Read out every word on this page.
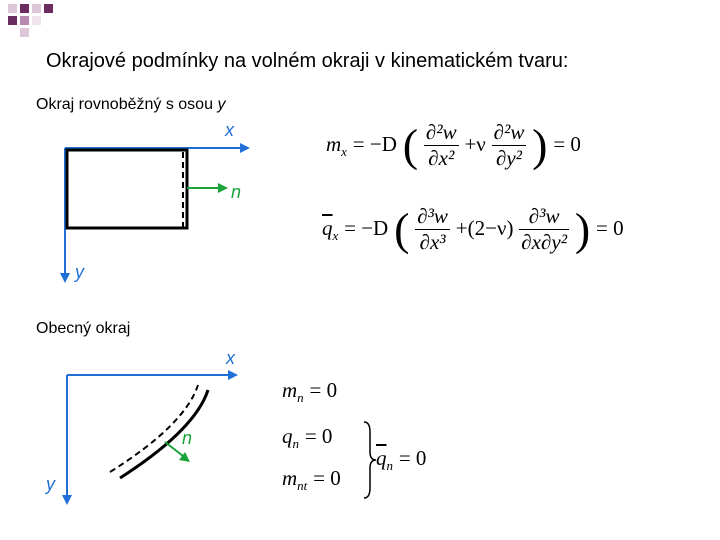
Okrajové podmínky na volném okraji v kinematickém tvaru:
Okraj rovnoběžný s osou y
x
y
n
$m_x = -D$ ( $\frac{\text{∂²w}}{\text{∂x²}} +\nu \frac{\text{∂²w}}{\text{∂y²}}$ ) = 0
$\overline{q}_x = -D$ ( $\frac{\text{∂³w}}{\text{∂x³}} +(2-\nu) \frac{\text{∂³w}}{\text{∂x∂y²}}$ ) = 0
Obecný okraj
x
y
n
$m_n = 0$
$q_n = 0$
$m_{nt} = 0$
$\overline{q}_n = 0$
